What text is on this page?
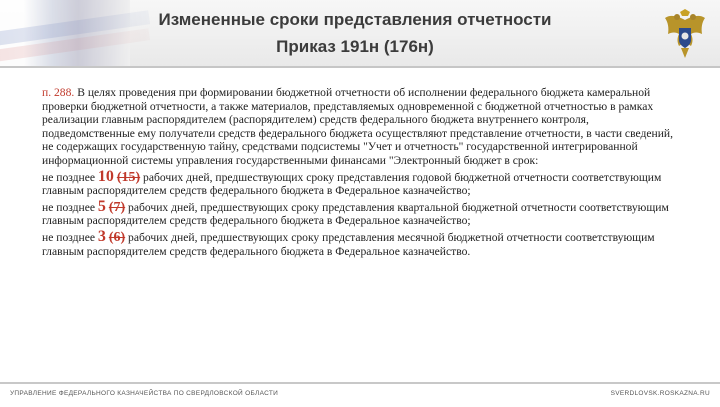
Измененные сроки представления отчетности
Приказ 191н (176н)

п. 288. В целях проведения при формировании бюджетной отчетности об исполнении федерального бюджета камеральной проверки бюджетной отчетности, а также материалов, представляемых одновременной с бюджетной отчетностью в рамках реализации главным распорядителем (распорядителем) средств федерального бюджета внутреннего контроля, подведомственные ему получатели средств федерального бюджета осуществляют представление отчетности, в части сведений, не содержащих государственную тайну, средствами подсистемы "Учет и отчетность" государственной интегрированной информационной системы управления государственными финансами "Электронный бюджет в срок:

не позднее 10 (15) рабочих дней, предшествующих сроку представления годовой бюджетной отчетности соответствующим главным распорядителем средств федерального бюджета в Федеральное казначейство;

не позднее 5 (7) рабочих дней, предшествующих сроку представления квартальной бюджетной отчетности соответствующим главным распорядителем средств федерального бюджета в Федеральное казначейство;

не позднее 3 (6) рабочих дней, предшествующих сроку представления месячной бюджетной отчетности соответствующим главным распорядителем средств федерального бюджета в Федеральное казначейство.

УПРАВЛЕНИЕ ФЕДЕРАЛЬНОГО КАЗНАЧЕЙСТВА ПО СВЕРДЛОВСКОЙ ОБЛАСТИ	SVERDLOVSK.ROSKAZNA.RU
